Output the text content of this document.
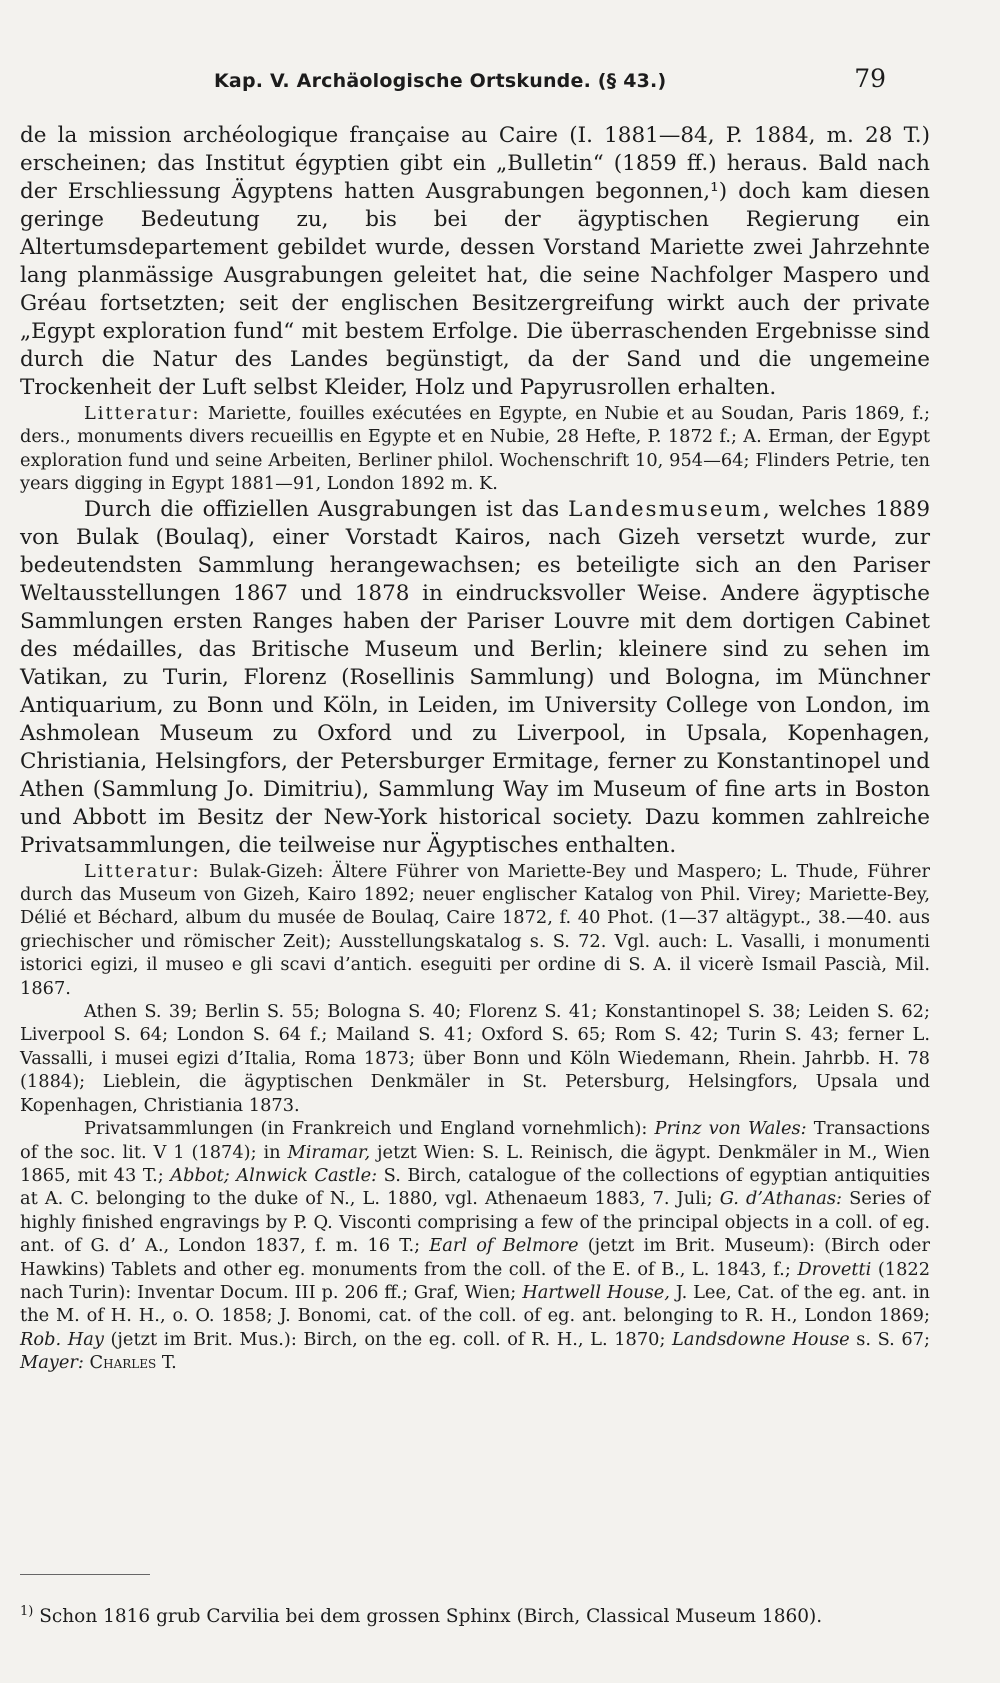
Kap. V. Archäologische Ortskunde. (§ 43.)	79

de la mission archéologique française au Caire (I. 1881—84, P. 1884, m. 28 T.) erscheinen; das Institut égyptien gibt ein „Bulletin“ (1859 ff.) heraus. Bald nach der Erschliessung Ägyptens hatten Ausgrabungen begonnen,¹) doch kam diesen geringe Bedeutung zu, bis bei der ägyptischen Regierung ein Altertumsdepartement gebildet wurde, dessen Vorstand Mariette zwei Jahrzehnte lang planmässige Ausgrabungen geleitet hat, die seine Nachfolger Maspero und Gréau fortsetzten; seit der englischen Besitzergreifung wirkt auch der private „Egypt exploration fund“ mit bestem Erfolge. Die überraschenden Ergebnisse sind durch die Natur des Landes begünstigt, da der Sand und die ungemeine Trockenheit der Luft selbst Kleider, Holz und Papyrusrollen erhalten.

Litteratur: Mariette, fouilles exécutées en Egypte, en Nubie et au Soudan, Paris 1869, f.; ders., monuments divers recueillis en Egypte et en Nubie, 28 Hefte, P. 1872 f.; A. Erman, der Egypt exploration fund und seine Arbeiten, Berliner philol. Wochenschrift 10, 954—64; Flinders Petrie, ten years digging in Egypt 1881—91, London 1892 m. K.

Durch die offiziellen Ausgrabungen ist das Landesmuseum, welches 1889 von Bulak (Boulaq), einer Vorstadt Kairos, nach Gizeh versetzt wurde, zur bedeutendsten Sammlung herangewachsen; es beteiligte sich an den Pariser Weltausstellungen 1867 und 1878 in eindrucksvoller Weise. Andere ägyptische Sammlungen ersten Ranges haben der Pariser Louvre mit dem dortigen Cabinet des médailles, das Britische Museum und Berlin; kleinere sind zu sehen im Vatikan, zu Turin, Florenz (Rosellinis Sammlung) und Bologna, im Münchner Antiquarium, zu Bonn und Köln, in Leiden, im University College von London, im Ashmolean Museum zu Oxford und zu Liverpool, in Upsala, Kopenhagen, Christiania, Helsingfors, der Petersburger Ermitage, ferner zu Konstantinopel und Athen (Sammlung Jo. Dimitriu), Sammlung Way im Museum of fine arts in Boston und Abbott im Besitz der New-York historical society. Dazu kommen zahlreiche Privatsammlungen, die teilweise nur Ägyptisches enthalten.

Litteratur: Bulak-Gizeh: Ältere Führer von Mariette-Bey und Maspero; L. Thude, Führer durch das Museum von Gizeh, Kairo 1892; neuer englischer Katalog von Phil. Virey; Mariette-Bey, Délié et Béchard, album du musée de Boulaq, Caire 1872, f. 40 Phot. (1—37 altägypt., 38.—40. aus griechischer und römischer Zeit); Ausstellungskatalog s. S. 72. Vgl. auch: L. Vasalli, i monumenti istorici egizi, il museo e gli scavi d’antich. eseguiti per ordine di S. A. il vicerè Ismail Pascià, Mil. 1867.

Athen S. 39; Berlin S. 55; Bologna S. 40; Florenz S. 41; Konstantinopel S. 38; Leiden S. 62; Liverpool S. 64; London S. 64 f.; Mailand S. 41; Oxford S. 65; Rom S. 42; Turin S. 43; ferner L. Vassalli, i musei egizi d’Italia, Roma 1873; über Bonn und Köln Wiedemann, Rhein. Jahrbb. H. 78 (1884); Lieblein, die ägyptischen Denkmäler in St. Petersburg, Helsingfors, Upsala und Kopenhagen, Christiania 1873.

Privatsammlungen (in Frankreich und England vornehmlich): Prinz von Wales: Transactions of the soc. lit. V 1 (1874); in Miramar, jetzt Wien: S. L. Reinisch, die ägypt. Denkmäler in M., Wien 1865, mit 43 T.; Abbot; Alnwick Castle: S. Birch, catalogue of the collections of egyptian antiquities at A. C. belonging to the duke of N., L. 1880, vgl. Athenaeum 1883, 7. Juli; G. d’Athanas: Series of highly finished engravings by P. Q. Visconti comprising a few of the principal objects in a coll. of eg. ant. of G. d’ A., London 1837, f. m. 16 T.; Earl of Belmore (jetzt im Brit. Museum): (Birch oder Hawkins) Tablets and other eg. monuments from the coll. of the E. of B., L. 1843, f.; Drovetti (1822 nach Turin): Inventar Docum. III p. 206 ff.; Graf, Wien; Hartwell House, J. Lee, Cat. of the eg. ant. in the M. of H. H., o. O. 1858; J. Bonomi, cat. of the coll. of eg. ant. belonging to R. H., London 1869; Rob. Hay (jetzt im Brit. Mus.): Birch, on the eg. coll. of R. H., L. 1870; Landsdowne House s. S. 67; Mayer: Charles T.

$^{1)}$ Schon 1816 grub Carvilia bei dem grossen Sphinx (Birch, Classical Museum 1860).
